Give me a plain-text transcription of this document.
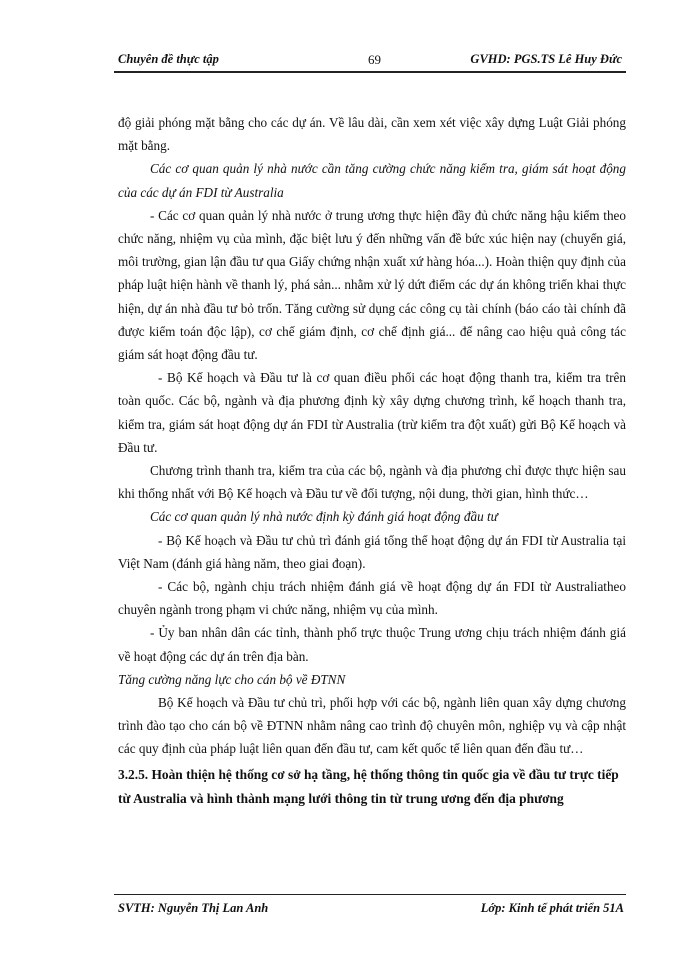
Chuyên đề thực tập	69	GVHD: PGS.TS Lê Huy Đức

độ giải phóng mặt bằng cho các dự án. Về lâu dài, cần xem xét việc xây dựng Luật Giải phóng mặt bằng.

Các cơ quan quản lý nhà nước cần tăng cường chức năng kiểm tra, giám sát hoạt động của các dự án FDI từ Australia

- Các cơ quan quản lý nhà nước ở trung ương thực hiện đầy đủ chức năng hậu kiểm theo chức năng, nhiệm vụ của mình, đặc biệt lưu ý đến những vấn đề bức xúc hiện nay (chuyển giá, môi trường, gian lận đầu tư qua Giấy chứng nhận xuất xứ hàng hóa...). Hoàn thiện quy định của pháp luật hiện hành về thanh lý, phá sản... nhằm xử lý dứt điểm các dự án không triển khai thực hiện, dự án nhà đầu tư bỏ trốn. Tăng cường sử dụng các công cụ tài chính (báo cáo tài chính đã được kiểm toán độc lập), cơ chế giám định, cơ chế định giá... để nâng cao hiệu quả công tác giám sát hoạt động đầu tư.

- Bộ Kế hoạch và Đầu tư là cơ quan điều phối các hoạt động thanh tra, kiểm tra trên toàn quốc. Các bộ, ngành và địa phương định kỳ xây dựng chương trình, kế hoạch thanh tra, kiểm tra, giám sát hoạt động dự án FDI từ Australia (trừ kiểm tra đột xuất) gửi Bộ Kế hoạch và Đầu tư.

Chương trình thanh tra, kiểm tra của các bộ, ngành và địa phương chỉ được thực hiện sau khi thống nhất với Bộ Kế hoạch và Đầu tư về đối tượng, nội dung, thời gian, hình thức…

Các cơ quan quản lý nhà nước định kỳ đánh giá hoạt động đầu tư

- Bộ Kế hoạch và Đầu tư chủ trì đánh giá tổng thể hoạt động dự án FDI từ Australia tại Việt Nam (đánh giá hàng năm, theo giai đoạn).

- Các bộ, ngành chịu trách nhiệm đánh giá về hoạt động dự án FDI từ Australiatheo chuyên ngành trong phạm vi chức năng, nhiệm vụ của mình.

- Ủy ban nhân dân các tỉnh, thành phố trực thuộc Trung ương chịu trách nhiệm đánh giá về hoạt động các dự án trên địa bàn.

Tăng cường năng lực cho cán bộ về ĐTNN

Bộ Kế hoạch và Đầu tư chủ trì, phối hợp với các bộ, ngành liên quan xây dựng chương trình đào tạo cho cán bộ về ĐTNN nhằm nâng cao trình độ chuyên môn, nghiệp vụ và cập nhật các quy định của pháp luật liên quan đến đầu tư, cam kết quốc tế liên quan đến đầu tư…

3.2.5. Hoàn thiện hệ thống cơ sở hạ tầng, hệ thống thông tin quốc gia về đầu tư trực tiếp từ Australia và hình thành mạng lưới thông tin từ trung ương đến địa phương

SVTH: Nguyễn Thị Lan Anh	Lớp: Kinh tế phát triển 51A
